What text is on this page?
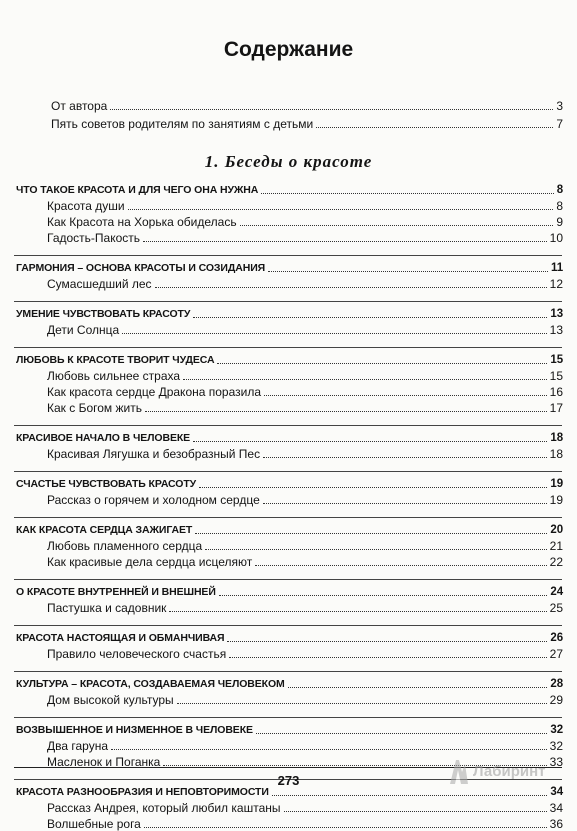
Содержание
От автора	3
Пять советов родителям по занятиям с детьми	7
1. Беседы о красоте
ЧТО ТАКОЕ КРАСОТА И ДЛЯ ЧЕГО ОНА НУЖНА	8
Красота души	8
Как Красота на Хорька обиделась	9
Гадость-Пакость	10
ГАРМОНИЯ – ОСНОВА КРАСОТЫ И СОЗИДАНИЯ	11
Сумасшедший лес	12
УМЕНИЕ ЧУВСТВОВАТЬ КРАСОТУ	13
Дети Солнца	13
ЛЮБОВЬ К КРАСОТЕ ТВОРИТ ЧУДЕСА	15
Любовь сильнее страха	15
Как красота сердце Дракона поразила	16
Как с Богом жить	17
КРАСИВОЕ НАЧАЛО В ЧЕЛОВЕКЕ	18
Красивая Лягушка и безобразный Пес	18
СЧАСТЬЕ ЧУВСТВОВАТЬ КРАСОТУ	19
Рассказ о горячем и холодном сердце	19
КАК КРАСОТА СЕРДЦА ЗАЖИГАЕТ	20
Любовь пламенного сердца	21
Как красивые дела сердца исцеляют	22
О КРАСОТЕ ВНУТРЕННЕЙ И ВНЕШНЕЙ	24
Пастушка и садовник	25
КРАСОТА НАСТОЯЩАЯ И ОБМАНЧИВАЯ	26
Правило человеческого счастья	27
КУЛЬТУРА – КРАСОТА, СОЗДАВАЕМАЯ ЧЕЛОВЕКОМ	28
Дом высокой культуры	29
ВОЗВЫШЕННОЕ И НИЗМЕННОЕ В ЧЕЛОВЕКЕ	32
Два гаруна	32
Масленок и Поганка	33
КРАСОТА РАЗНООБРАЗИЯ И НЕПОВТОРИМОСТИ	34
Рассказ Андрея, который любил каштаны	34
Волшебные рога	36
273
Лабиринт
